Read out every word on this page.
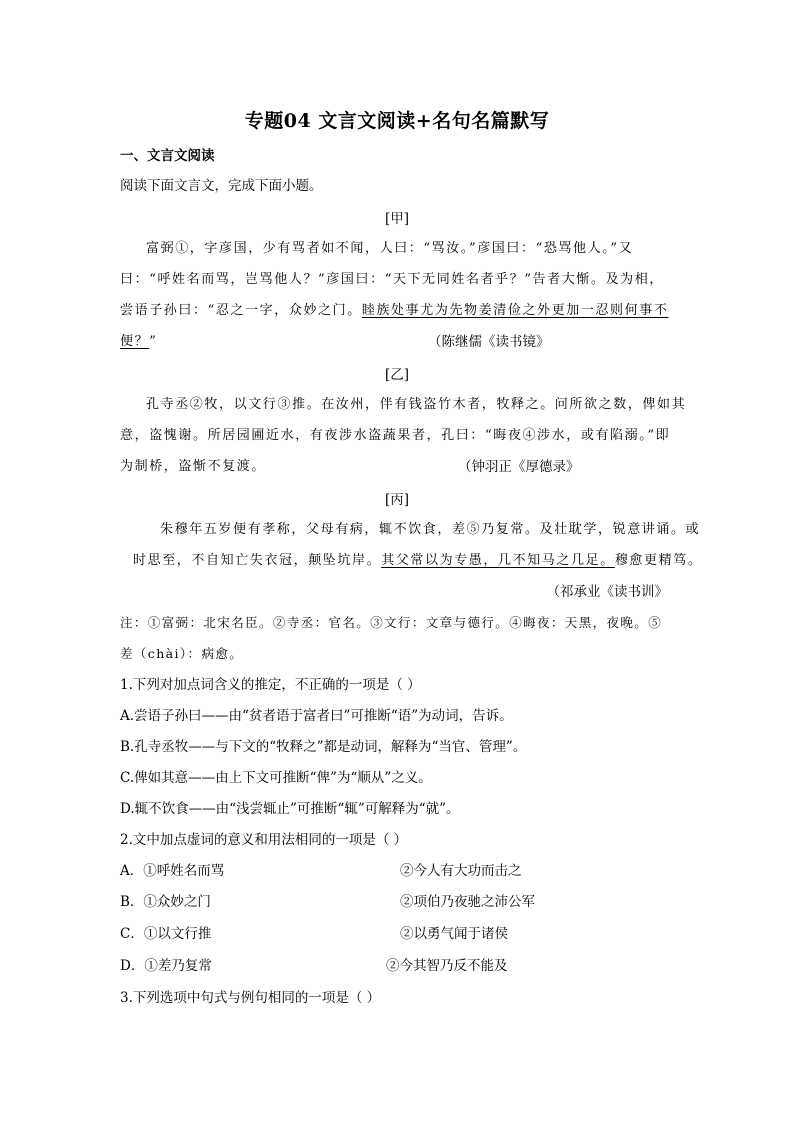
专题04 文言文阅读+名句名篇默写
一、文言文阅读
阅读下面文言文，完成下面小题。
[甲]
富弼①，字彦国，少有骂者如不闻，人曰：“骂汝。”彦国曰：“恐骂他人。”又
曰：“呼姓名而骂，岂骂他人？”彦国曰：“天下无同姓名者乎？”告者大惭。及为相，
尝语子孙曰：“忍之一字，众妙之门。睦族处事尤为先物姜清俭之外更加一忍则何事不
便？”	（陈继儒《读书镜》
[乙]
孔寺丞②牧，以文行③推。在汝州，伴有钱盗竹木者，牧释之。问所欲之数，俾如其
意，盗愧谢。所居园圃近水，有夜涉水盗蔬果者，孔曰：“晦夜④涉水，或有陷溺。”即
为制桥，盗惭不复渡。	（钟羽正《厚德录》
[丙]
朱穆年五岁便有孝称，父母有病，辄不饮食，差⑤乃复常。及壮耽学，锐意讲诵。或
时思至，不自知亡失衣冠，颠坠坑岸。其父常以为专愚，几不知马之几足。穆愈更精笃。
（祁承业《读书训》
注：①富弼：北宋名臣。②寺丞：官名。③文行：文章与德行。④晦夜：天黑，夜晚。⑤
差（chài）：病愈。
1.下列对加点词含义的推定，不正确的一项是（ ）
A.尝语子孙曰——由“贫者语于富者曰”可推断“语”为动词，告诉。
B.孔寺丞牧——与下文的“牧释之”都是动词，解释为“当官、管理”。
C.俾如其意——由上下文可推断“俾”为“顺从”之义。
D.辄不饮食——由“浅尝辄止”可推断“辄”可解释为“就”。
2.文中加点虚词的意义和用法相同的一项是（ ）
A．①呼姓名而骂	②今人有大功而击之
B．①众妙之门	②项伯乃夜驰之沛公军
C．①以文行推	②以勇气闻于诸侯
D．①差乃复常	②今其智乃反不能及
3.下列选项中句式与例句相同的一项是（ ）
